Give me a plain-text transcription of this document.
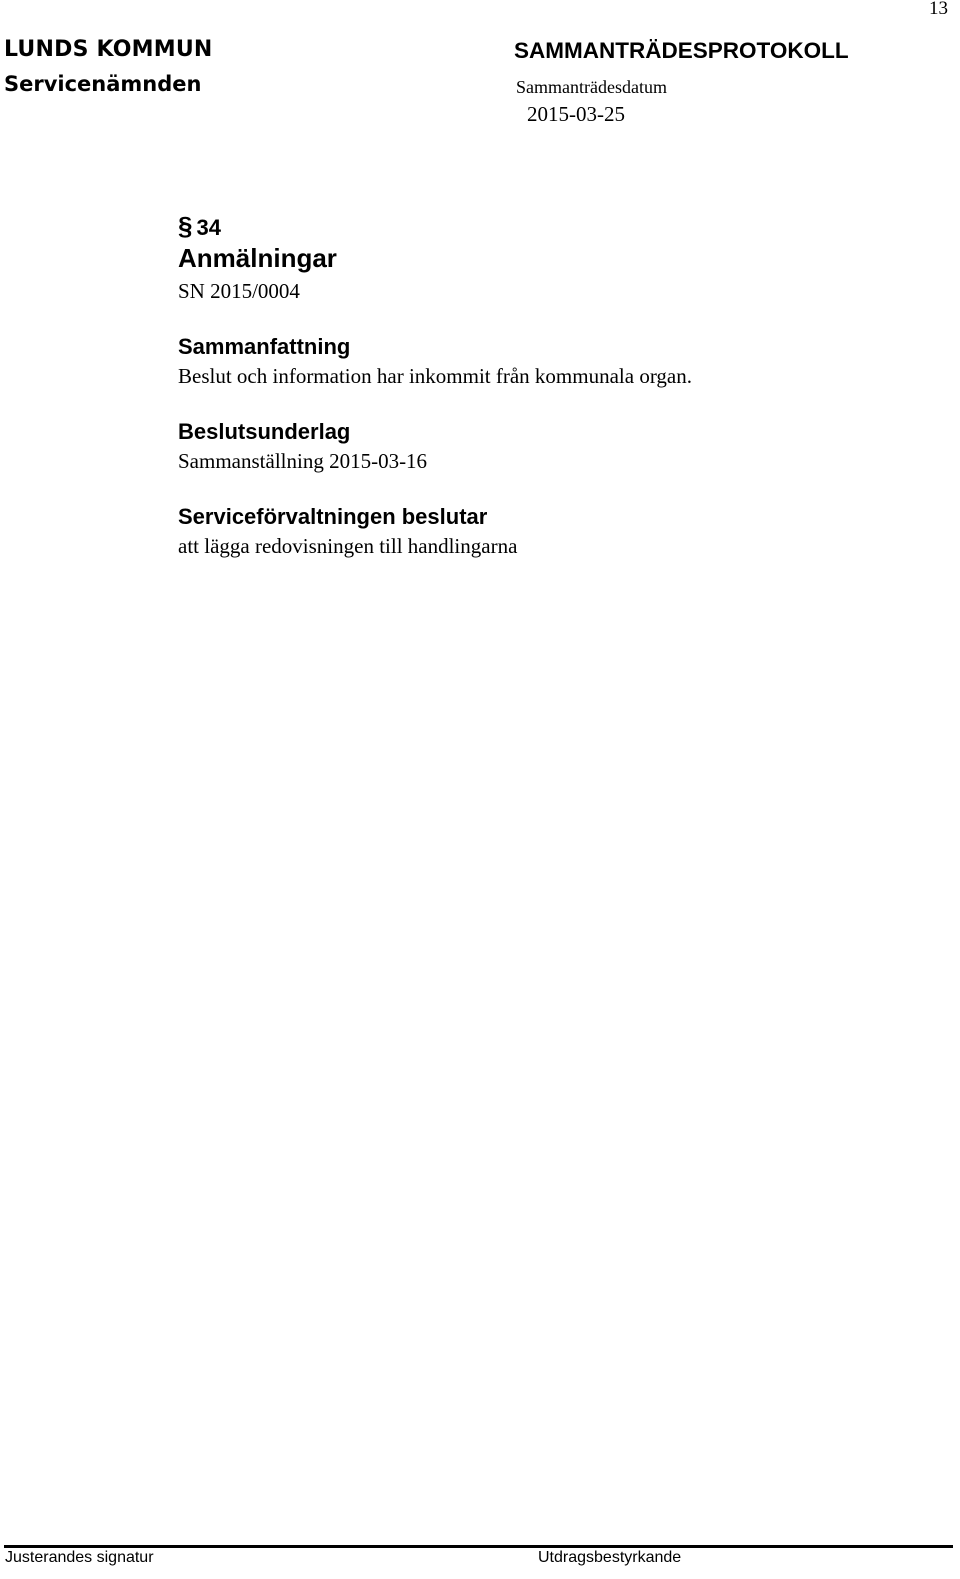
13
LUNDS KOMMUN
Servicenämnden
SAMMANTRÄDESPROTOKOLL
Sammanträdesdatum
2015-03-25
§ 34
Anmälningar
SN 2015/0004
Sammanfattning
Beslut och information har inkommit från kommunala organ.
Beslutsunderlag
Sammanställning 2015-03-16
Serviceförvaltningen beslutar
att lägga redovisningen till handlingarna
Justerandes signatur	Utdragsbestyrkande
